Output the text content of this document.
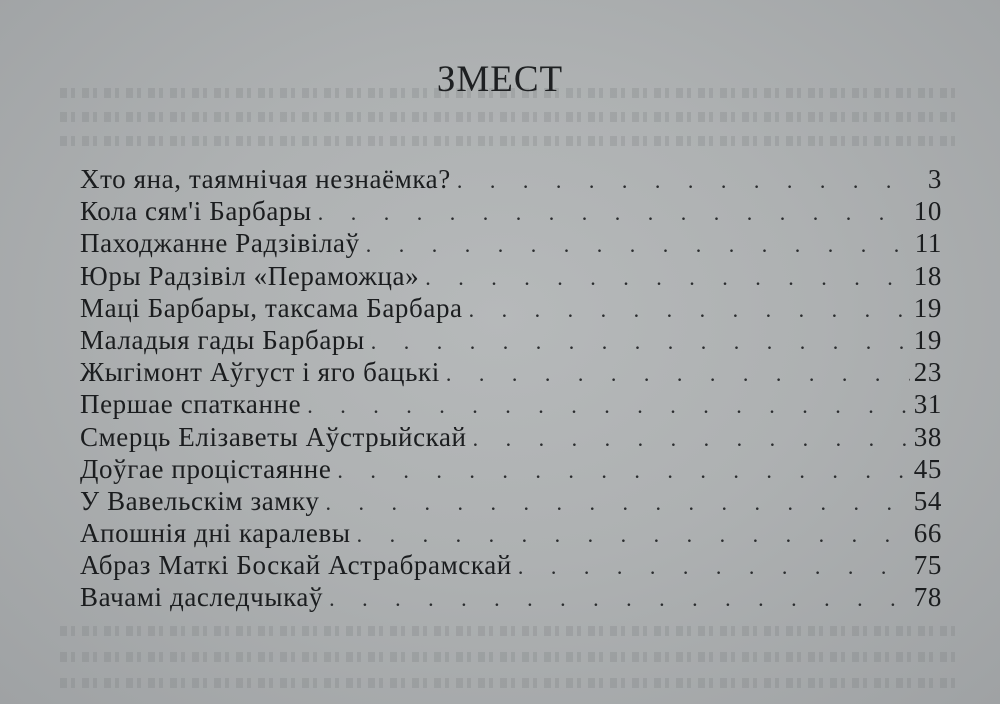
ЗМЕСТ
Хто яна, таямнічая незнаёмка? . . .	3
Кола сям'і Барбары . . .	10
Паходжанне Радзівілаў . . .	11
Юры Радзівіл «Пераможца» . . .	18
Маці Барбары, таксама Барбара . . .	19
Маладыя гады Барбары . . .	19
Жыгімонт Аўгуст і яго бацькі . . .	23
Першае спатканне . . .	31
Смерць Елізаветы Аўстрыйскай . . .	38
Доўгае процістаянне . . .	45
У Вавельскім замку . . .	54
Апошнія дні каралевы . . .	66
Абраз Маткі Боскай Астрабрамскай . . .	75
Вачамі даследчыкаў . . .	78
